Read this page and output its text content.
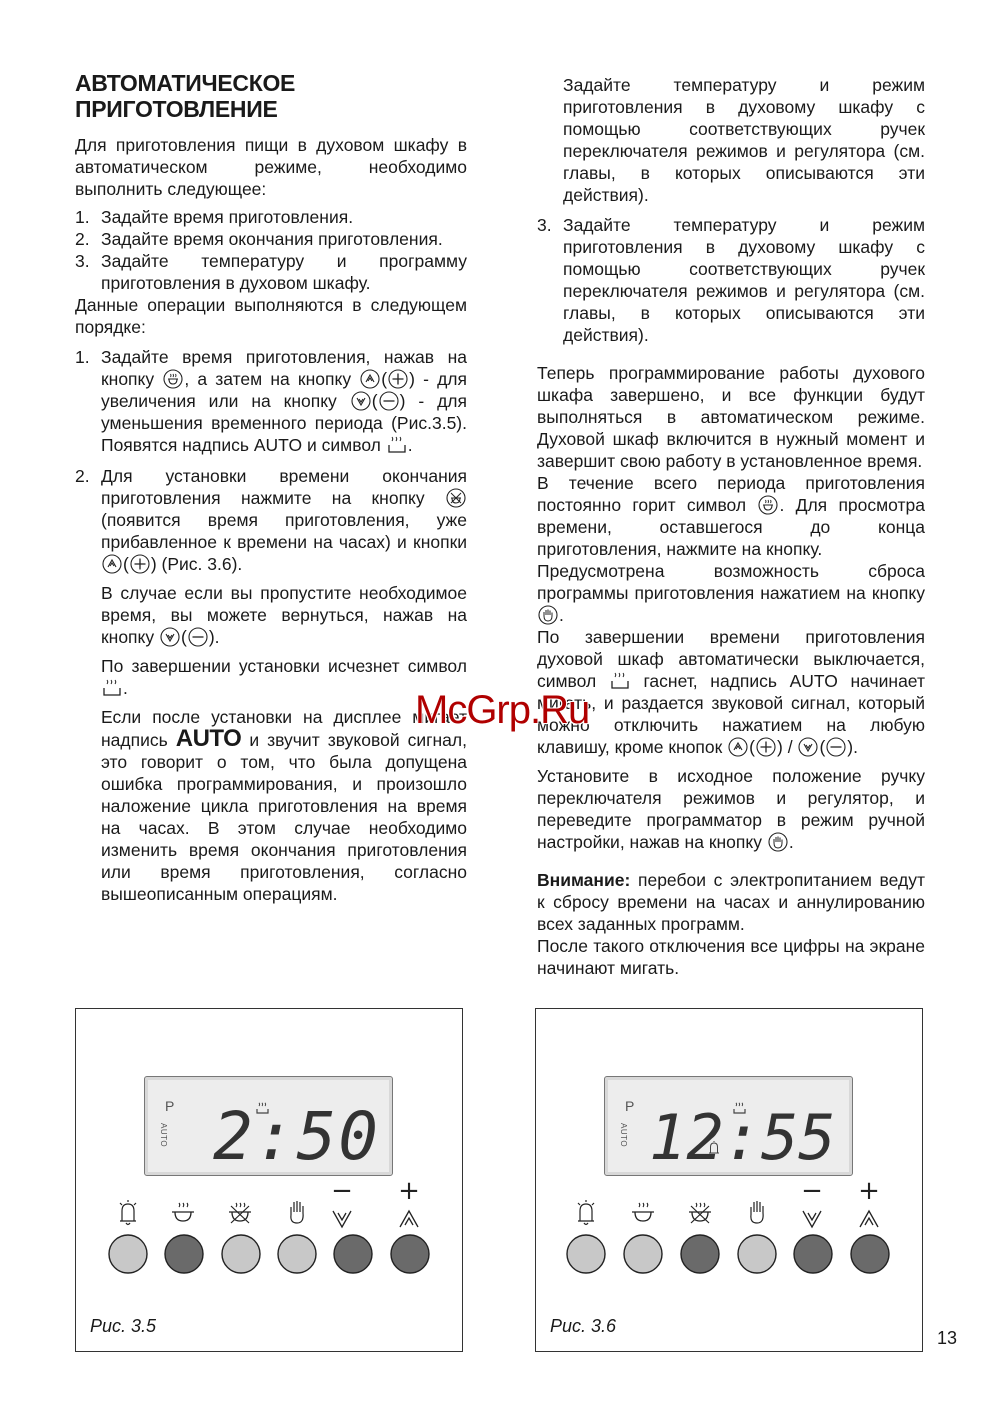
АВТОМАТИЧЕСКОЕ
ПРИГОТОВЛЕНИЕ

Для приготовления пищи в духовом шкафу в автоматическом режиме, необходимо выполнить следующее:

1. Задайте время приготовления.
2. Задайте время окончания приготовления.
3. Задайте температуру и программу приготовления в духовом шкафу.

Данные операции выполняются в следующем порядке:

1. Задайте время приготовления, нажав на кнопку , а затем на кнопку ( ) - для увеличения или на кнопку ( ) - для уменьшения временного периода (Рис.3.5). Появятся надпись AUTO и символ .
2. Для установки времени окончания приготовления нажмите на кнопку  (появится время приготовления, уже прибавленное к времени на часах) и кнопки ( ) (Рис. 3.6).

В случае если вы пропустите необходимое время, вы можете вернуться, нажав на кнопку ( ).

По завершении установки исчезнет символ .

Если после установки на дисплее мигает надпись AUTO и звучит звуковой сигнал, это говорит о том, что была допущена ошибка программирования, и произошло наложение цикла приготовления на время на часах. В этом случае необходимо изменить время окончания приготовления или время приготовления, согласно вышеописанным операциям.

Задайте температуру и режим приготовления в духовому шкафу с помощью соответствующих ручек переключателя режимов и регулятора (см. главы, в которых описываются эти действия).

3. Задайте температуру и режим приготовления в духовому шкафу с помощью соответствующих ручек переключателя режимов и регулятора (см. главы, в которых описываются эти действия).

Теперь программирование работы духового шкафа завершено, и все функции будут выполняться в автоматическом режиме. Духовой шкаф включится в нужный момент и завершит свою работу в установленное время.

В течение всего периода приготовления постоянно горит символ . Для просмотра времени, оставшегося до конца приготовления, нажмите на кнопку.

Предусмотрена возможность сброса программы приготовления нажатием на кнопку .

По завершении времени приготовления духовой шкаф автоматически выключается, символ	гаснет, надпись AUTO начинает мигать, и раздается звуковой сигнал, который можно отключить нажатием на любую клавишу, кроме кнопок ( ) / ( ).

Установите в исходное положение ручку переключателя режимов и регулятор, и переведите программатор в режим ручной настройки, нажав на кнопку .

Внимание: перебои с электропитанием ведут к сбросу времени на часах и аннулированию всех заданных программ.

После такого отключения все цифры на экране начинают мигать.

McGrp.Ru
P
AUTO 2:50
− +
Рис. 3.5
P
AUTO 12:55
− +
Рис. 3.6
13
